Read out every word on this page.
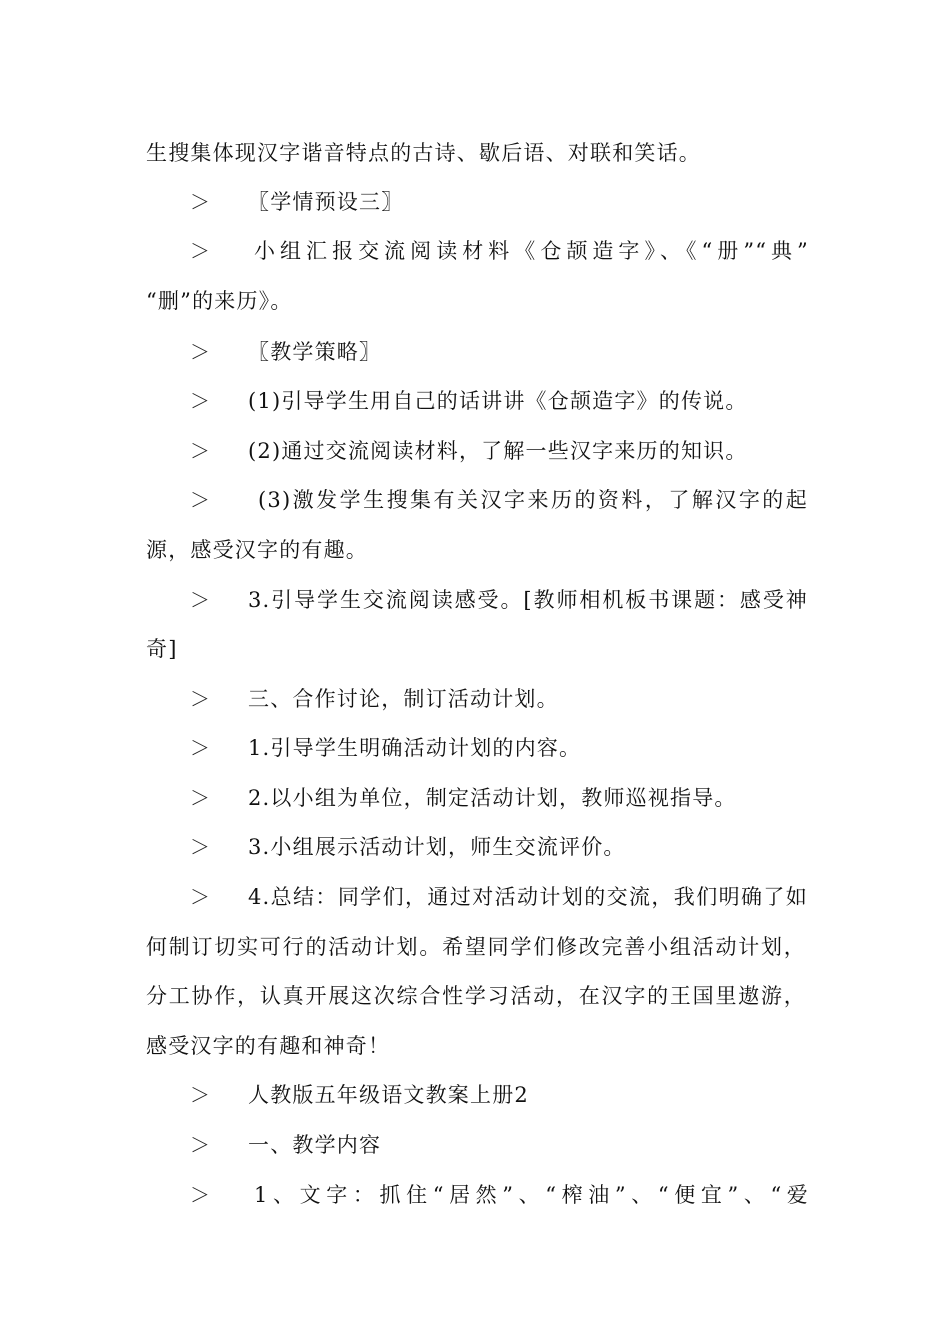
生搜集体现汉字谐音特点的古诗、歇后语、对联和笑话。
＞ 〖学情预设三〗
＞ 小组汇报交流阅读材料《仓颉造字》、《“册”“典”
“删”的来历》。
＞ 〖教学策略〗
＞ (1)引导学生用自己的话讲讲《仓颉造字》的传说。
＞ (2)通过交流阅读材料，了解一些汉字来历的知识。
＞ (3)激发学生搜集有关汉字来历的资料，了解汉字的起
源，感受汉字的有趣。
＞ 3.引导学生交流阅读感受。[教师相机板书课题：感受神
奇]
＞ 三、合作讨论，制订活动计划。
＞ 1.引导学生明确活动计划的内容。
＞ 2.以小组为单位，制定活动计划，教师巡视指导。
＞ 3.小组展示活动计划，师生交流评价。
＞ 4.总结：同学们，通过对活动计划的交流，我们明确了如
何制订切实可行的活动计划。希望同学们修改完善小组活动计划，
分工协作，认真开展这次综合性学习活动，在汉字的王国里遨游，
感受汉字的有趣和神奇！
＞ 人教版五年级语文教案上册2
＞ 一、教学内容
＞ 1、文字：抓住“居然”、“榨油”、“便宜”、“爱
